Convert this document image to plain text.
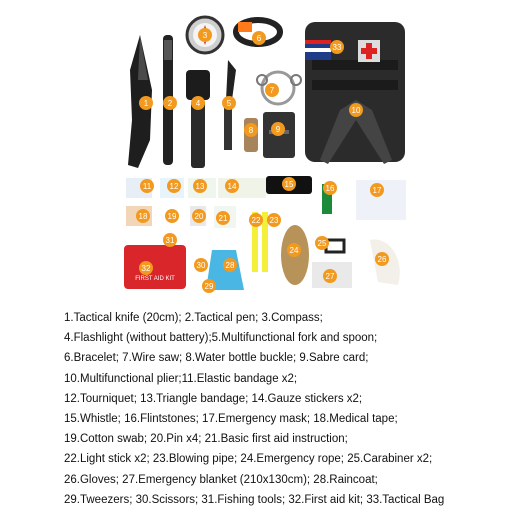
FIRST AID KIT
1 2
3
4	5
6
7
8	9
10
11 12 13	14	15	16	17
18	19 20 21	22 23
24
25
26
27
28
29
30
31
32
33
1.Tactical knife (20cm); 2.Tactical pen; 3.Compass;
4.Flashlight (without battery);5.Multifunctional fork and spoon;
6.Bracelet; 7.Wire saw; 8.Water bottle buckle; 9.Sabre card;
10.Multifunctional plier;11.Elastic bandage x2;
12.Tourniquet; 13.Triangle bandage; 14.Gauze stickers x2;
15.Whistle; 16.Flintstones; 17.Emergency mask; 18.Medical tape;
19.Cotton swab; 20.Pin x4; 21.Basic first aid instruction;
22.Light stick x2; 23.Blowing pipe; 24.Emergency rope; 25.Carabiner x2;
26.Gloves; 27.Emergency blanket (210x130cm); 28.Raincoat;
29.Tweezers; 30.Scissors; 31.Fishing tools; 32.First aid kit; 33.Tactical Bag
